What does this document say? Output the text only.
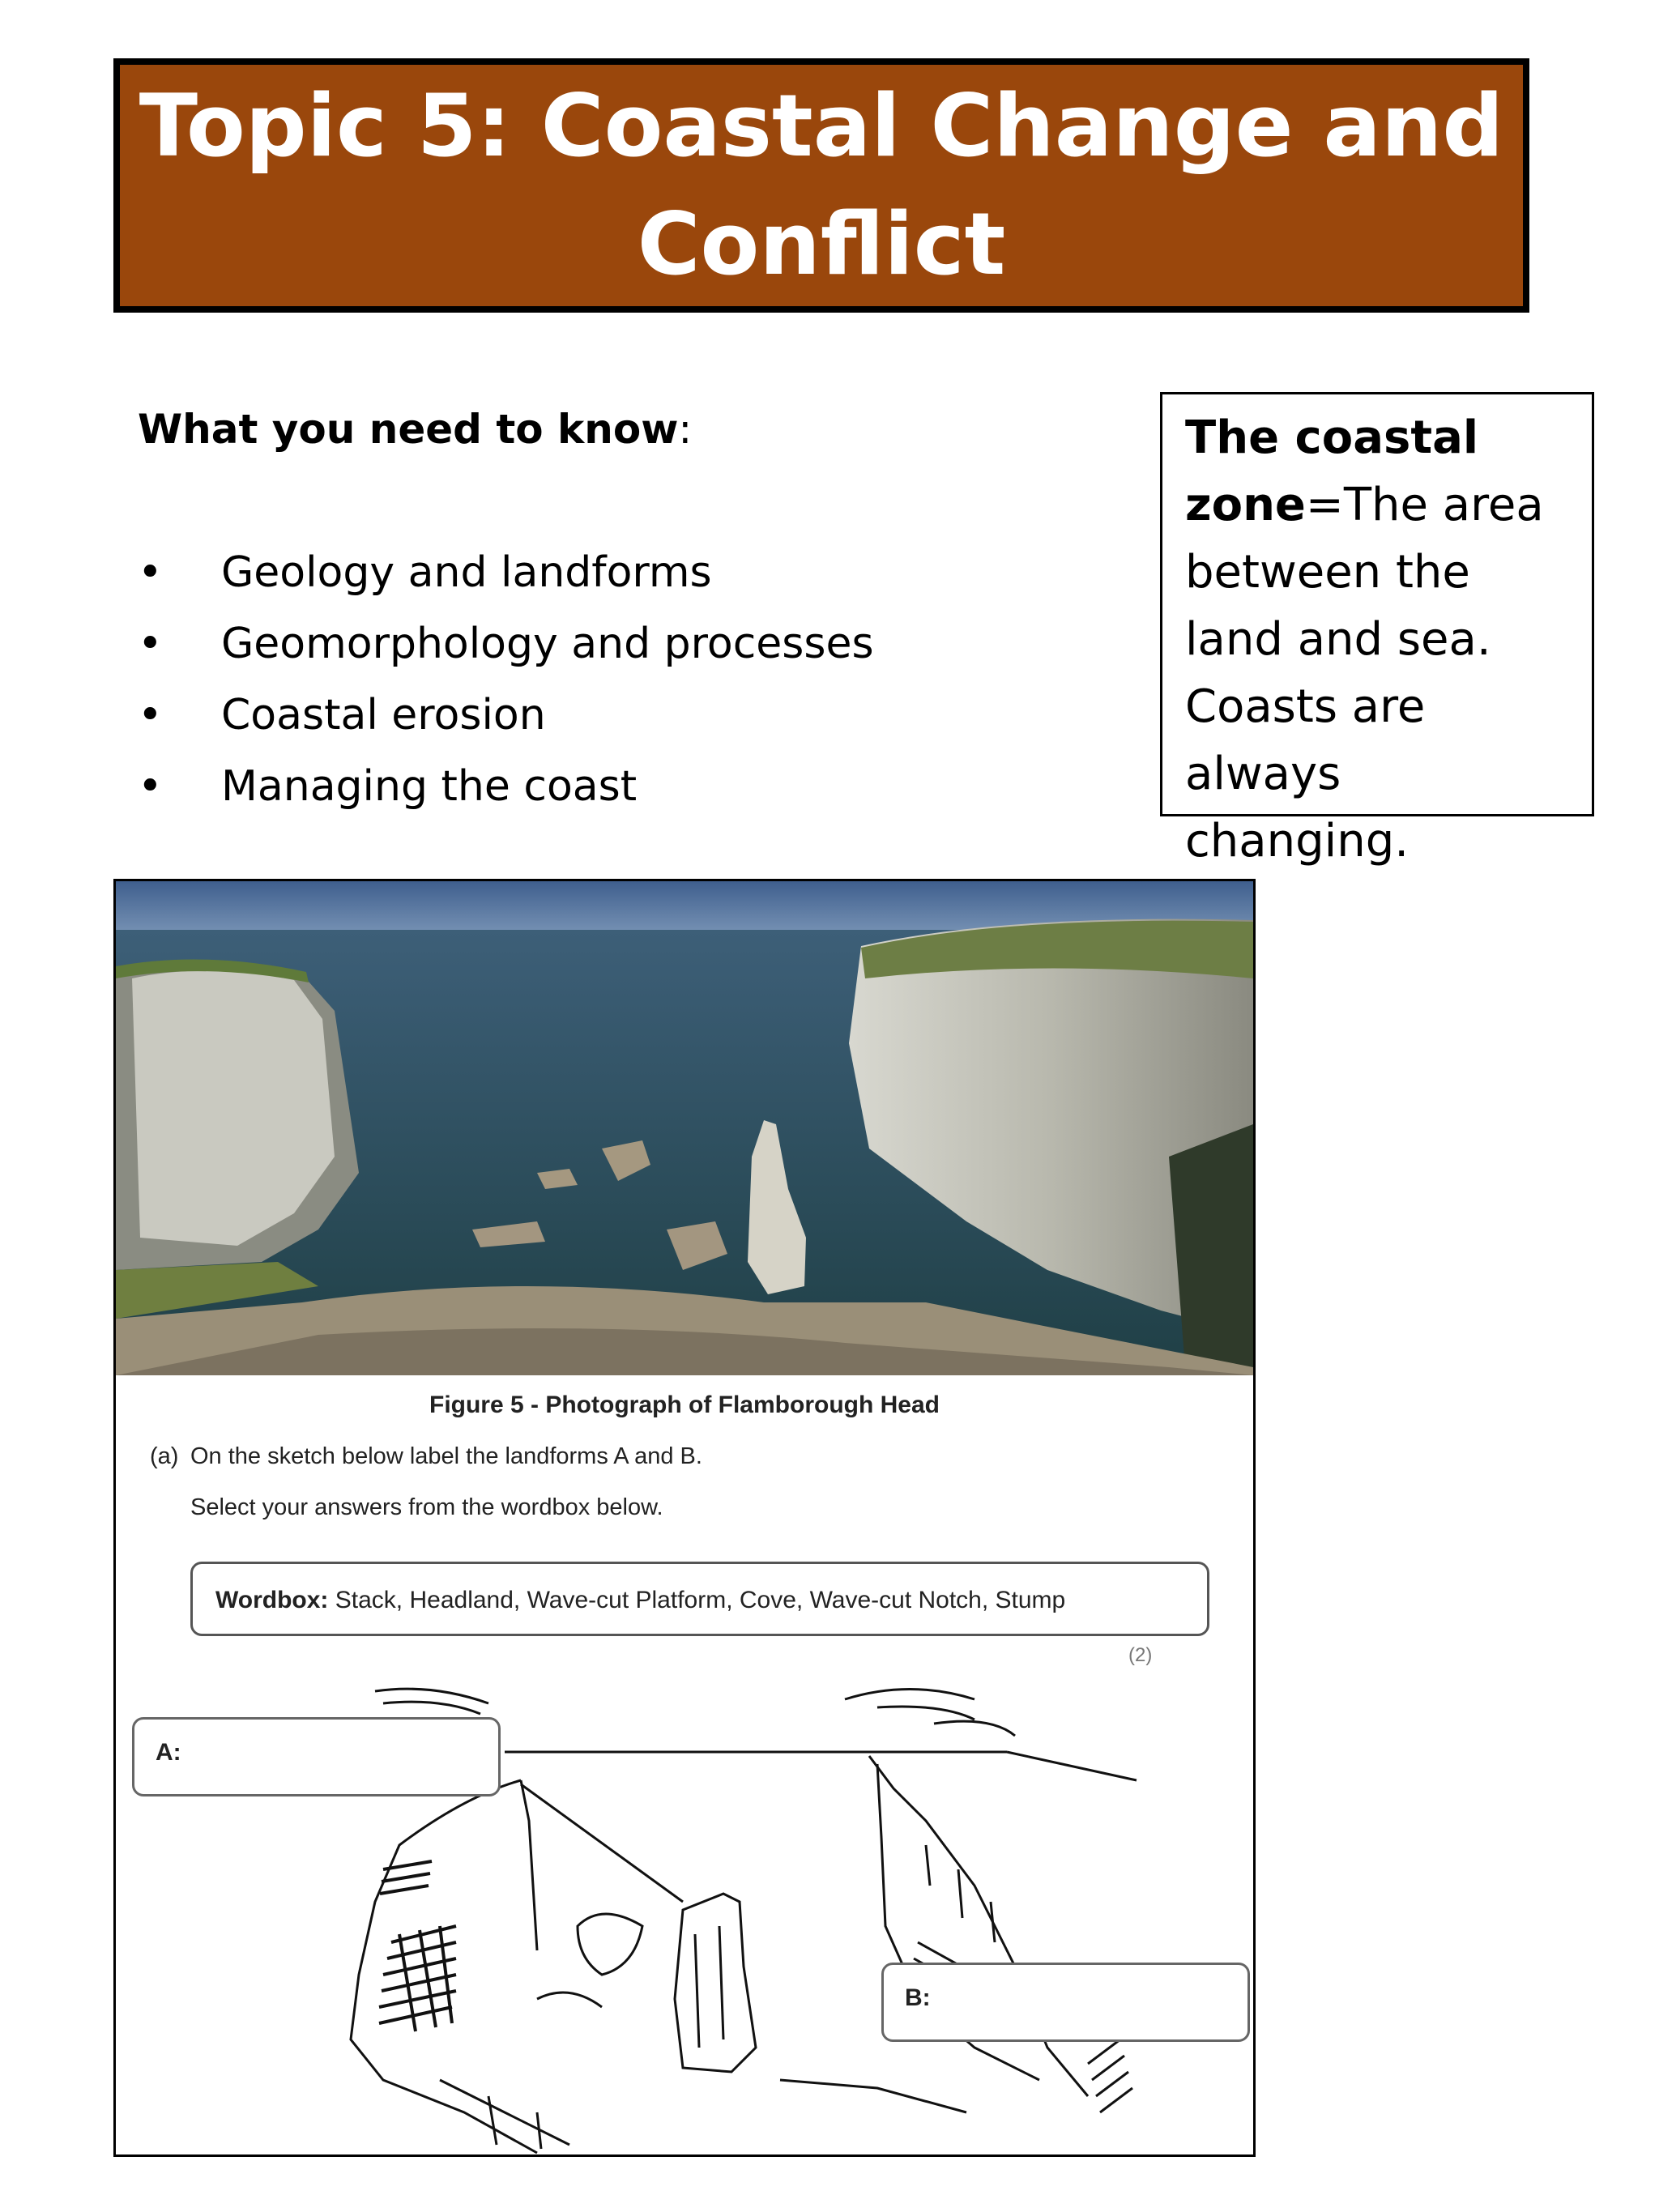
Topic 5: Coastal Change and
Conflict
What you need to know:
• Geology and landforms
• Geomorphology and processes
• Coastal erosion
• Managing the coast
The coastal
zone=The area
between the
land and sea.
Coasts are
always changing.
Figure 5 - Photograph of Flamborough Head
(a) On the sketch below label the landforms A and B.
Select your answers from the wordbox below.
Wordbox: Stack, Headland, Wave-cut Platform, Cove, Wave-cut Notch, Stump
(2)
A:
B:
